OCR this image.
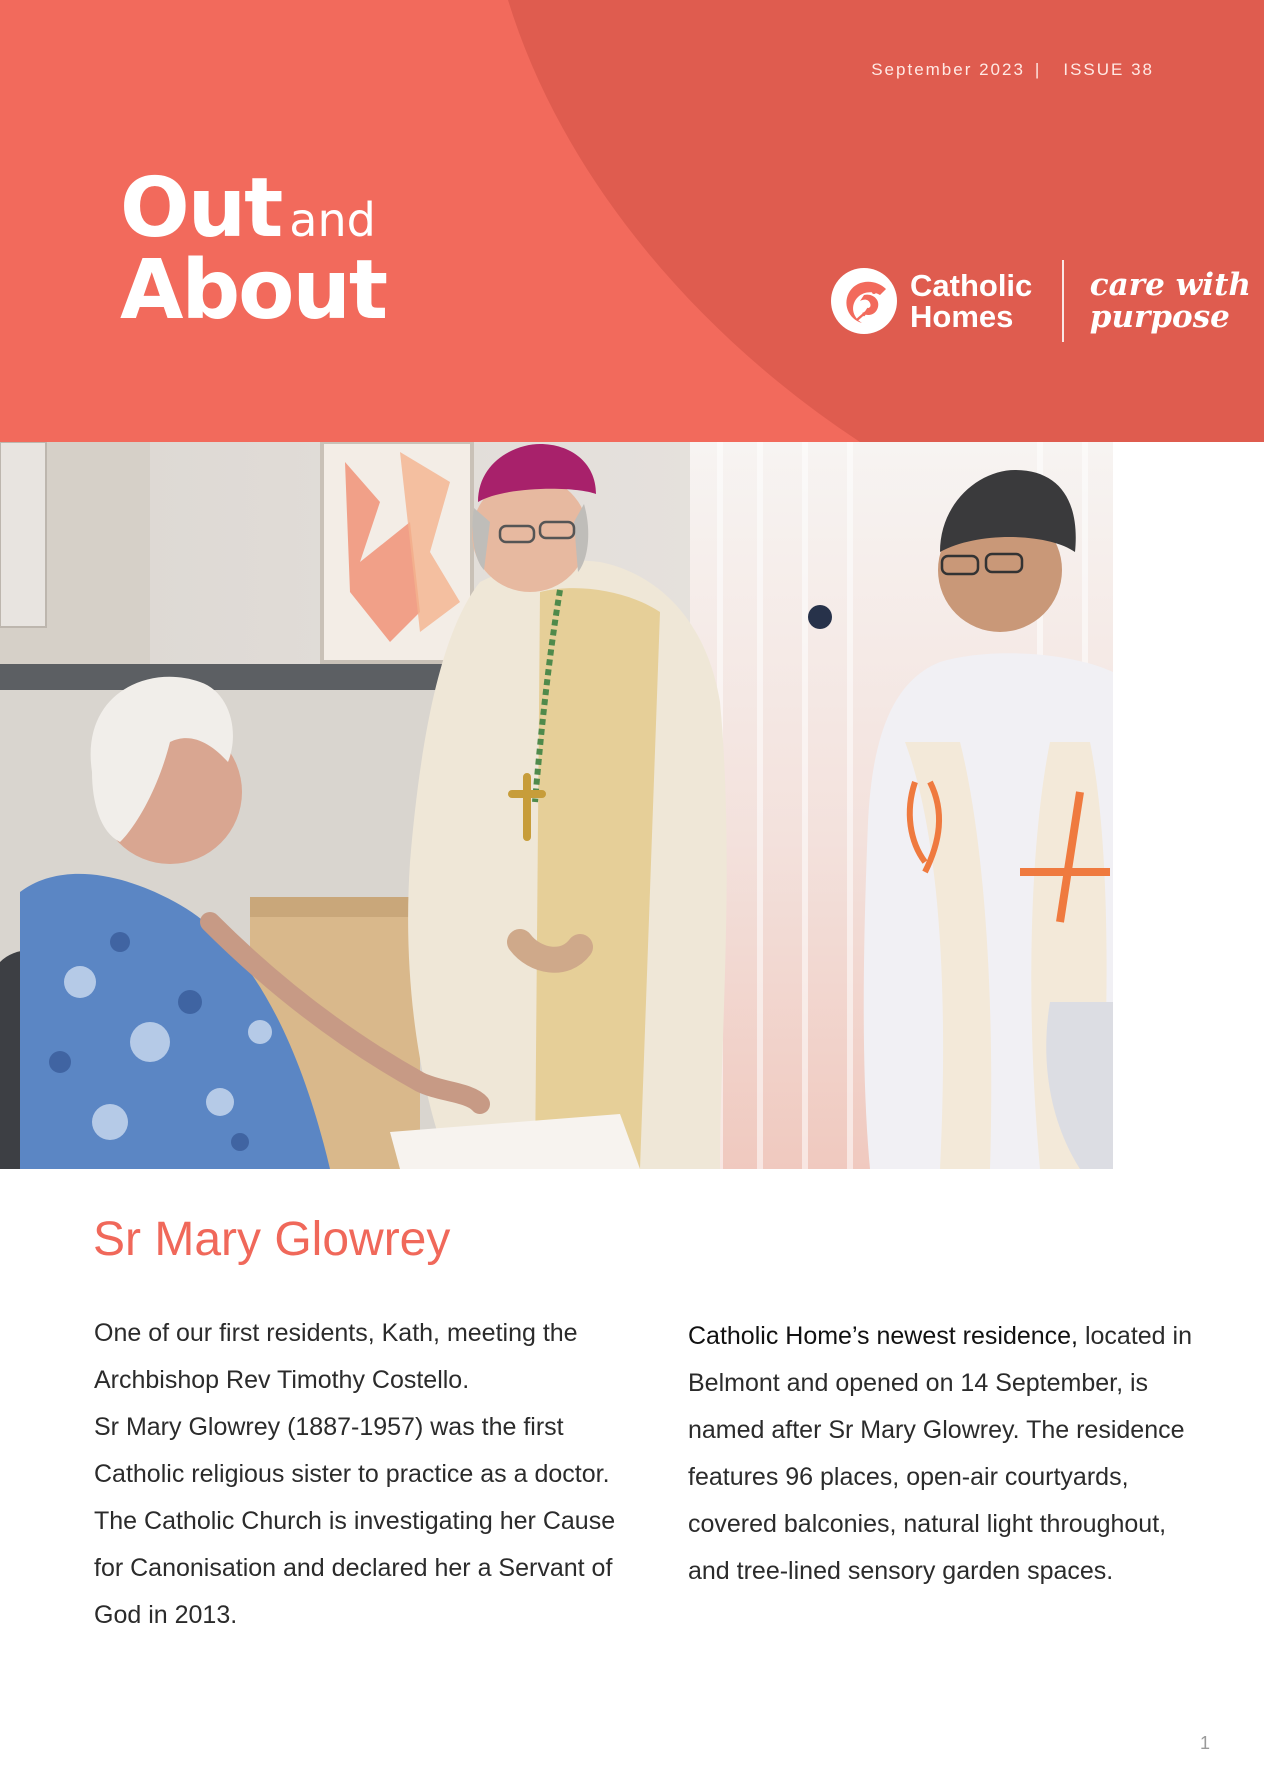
September 2023 | ISSUE 38
Out and
About	Catholic
Homes
care with
purpose
Sr Mary Glowrey

One of our first residents, Kath, meeting the Archbishop Rev Timothy Costello.

Sr Mary Glowrey (1887-1957) was the first Catholic religious sister to practice as a doctor. The Catholic Church is investigating her Cause for Canonisation and declared her a Servant of God in 2013.

Catholic Home’s newest residence, located in Belmont and opened on 14 September, is named after Sr Mary Glowrey. The residence features 96 places, open-air courtyards, covered balconies, natural light throughout, and tree-lined sensory garden spaces.

1
